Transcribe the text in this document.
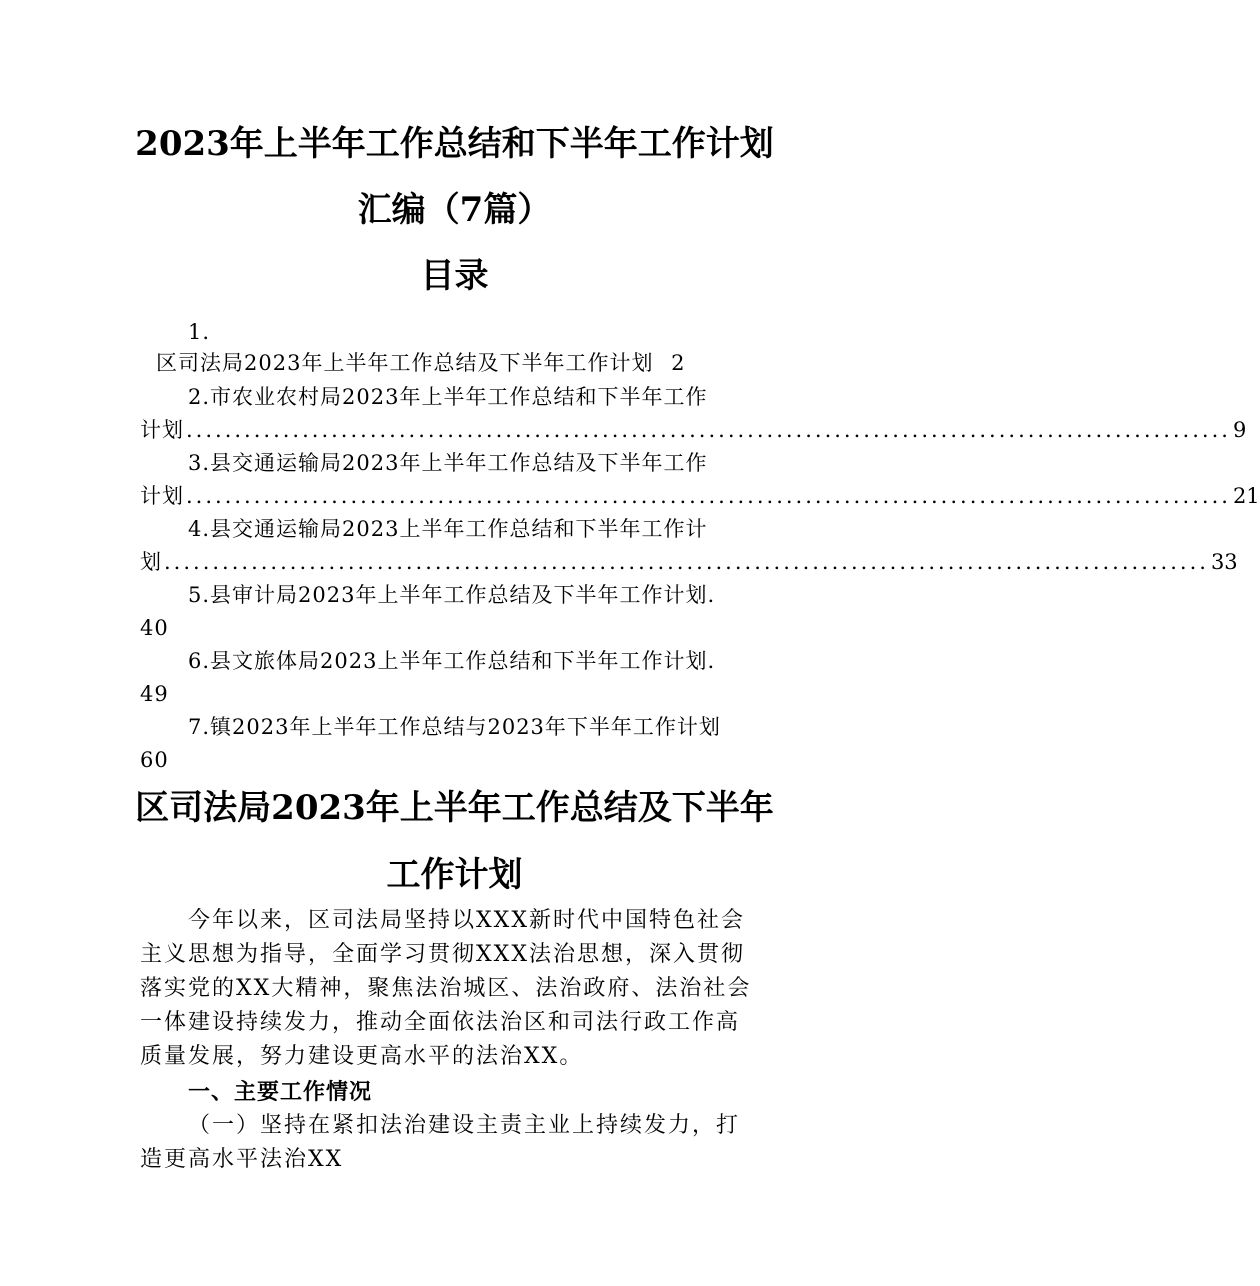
2023年上半年工作总结和下半年工作计划
汇编（7篇）
目录
1.
区司法局2023年上半年工作总结及下半年工作计划 2
2.市农业农村局2023年上半年工作总结和下半年工作
计划 ............................................................................................................ 9
3.县交通运输局2023年上半年工作总结及下半年工作
计划 ............................................................................................................ 21
4.县交通运输局2023上半年工作总结和下半年工作计
划 ............................................................................................................ 33
5.县审计局2023年上半年工作总结及下半年工作计划.
40
6.县文旅体局2023上半年工作总结和下半年工作计划.
49
7.镇2023年上半年工作总结与2023年下半年工作计划
60
区司法局2023年上半年工作总结及下半年
工作计划
今年以来，区司法局坚持以XXX新时代中国特色社会
主义思想为指导，全面学习贯彻XXX法治思想，深入贯彻
落实党的XX大精神，聚焦法治城区、法治政府、法治社会
一体建设持续发力，推动全面依法治区和司法行政工作高
质量发展，努力建设更高水平的法治XX。
一、主要工作情况
（一）坚持在紧扣法治建设主责主业上持续发力，打
造更高水平法治XX
